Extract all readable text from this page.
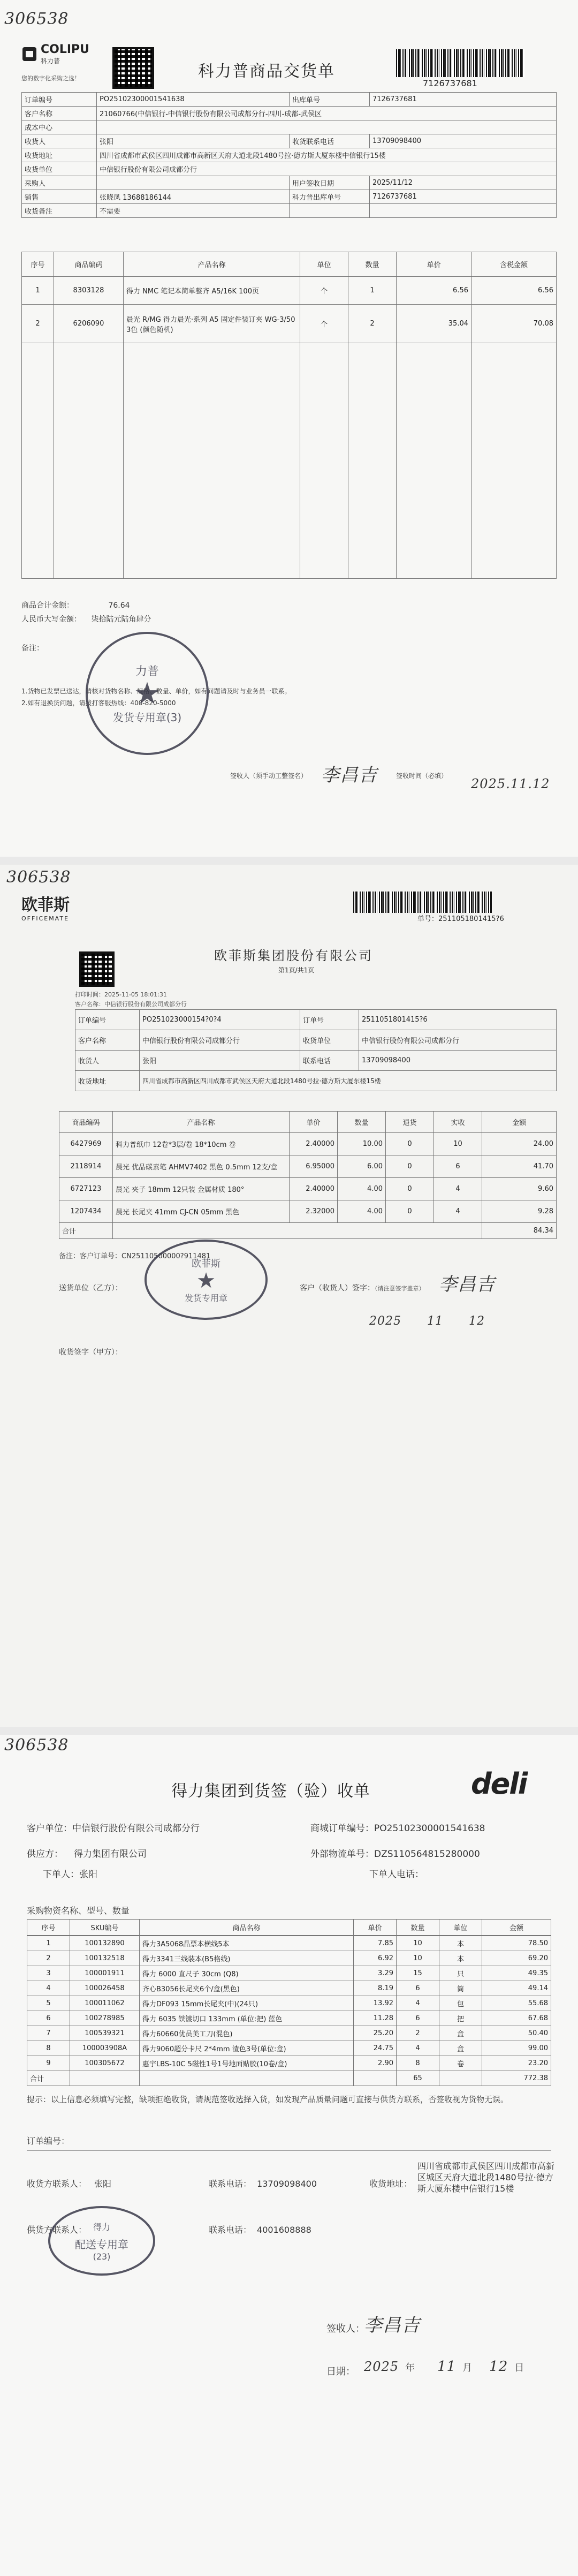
306538
COLIPU
科力普
您的数字化采购之选！	科力普商品交货单
7126737681
订单编号	PO25102300001541638	出库单号	7126737681
客户名称	21060766(中信银行-中信银行股份有限公司成都分行-四川-成都-武侯区		
成本中心			
收货人	张阳	收货联系电话	13709098400
收货地址	四川省成都市武侯区四川成都市高新区天府大道北段1480号拉·德方斯大厦东楼中信银行15楼		
收货单位	中信银行股份有限公司成都分行		
采购人		用户签收日期	2025/11/12
销售	张晓凤 13688186144	科力普出库单号	7126737681
收货备注	不需要		
序号	商品编码	产品名称	单位	数量	单价	含税金额
1	8303128	得力 NMC 笔记本简单整齐 A5/16K 100页	个	1	6.56	6.56
2	6206090	晨光 R/MG 得力晨光·系列 A5 固定件装订夹 WG-3/50 3色 (颜色随机)	个	2	35.04	70.08

商品合计金额：	76.64
人民币大写金额： 柒拾陆元陆角肆分
备注：
1.货物已发票已送达，请核对货物名称、规格、数量、单价，如有问题请及时与业务员一联系。
2.如有退换货问题，请拨打客服热线：400-820-5000
力普
★
发货专用章(3)
签收人（须手动工整签名） 李昌吉	签收时间（必填）
2025.11.12
306538
欧菲斯
OFFICEMATE	单号：2511051801415?6
欧菲斯集团股份有限公司
第1页/共1页
打印时间：2025-11-05 18:01:31
客户名称：中信银行股份有限公司成都分行
订单编号	PO251023000154?0?4	订单号	2511051801415?6
客户名称	中信银行股份有限公司成都分行	收货单位	中信银行股份有限公司成都分行
收货人	张阳	联系电话	13709098400
收货地址	四川省成都市高新区四川成都市武侯区天府大道北段1480号拉·德方斯大厦东楼15楼		
商品编码	产品名称	单价	数量	退货	实收	金额
6427969	科力普纸巾 12卷*3层/卷 18*10cm 卷	2.40000	10.00	0	10	24.00
2118914	晨光 优品碳素笔 AHMV7402 黑色 0.5mm 12支/盒	6.95000	6.00	0	6	41.70
6727123	晨光 夹子 18mm 12只装 金属材质 180°	2.40000	4.00	0	4	9.60
1207434	晨光 长尾夹 41mm CJ-CN 05mm 黑色	2.32000	4.00	0	4	9.28
合计						84.34
备注：客户订单号：CN25110500000?911481
欧菲斯
★
发货专用章
送货单位（乙方）：	客户（收货人）签字：（请注意签字盖章） 李昌吉
2025 11 12
收货签字（甲方）：
306538
得力集团到货签（验）收单	deli
客户单位：中信银行股份有限公司成都分行	商城订单编号：PO25102300001541638
供应方： 得力集团有限公司	外部物流单号：DZS110564815280000
下单人：张阳	下单人电话：
采购物资名称、型号、数量
序号	SKU编号	商品名称	单价	数量	单位	金额
1	100132890	得力3A5068晶票本横线5本	7.85	10	本	78.50
2	100132518	得力3341三线装本(B5格线)	6.92	10	本	69.20
3	100001911	得力 6000 直尺子 30cm (Q8)	3.29	15	只	49.35
4	100026458	齐心B3056长尾夹6个/盒(黑色)	8.19	6	筒	49.14
5	100011062	得力DF093 15mm长尾夹(中)(24只)	13.92	4	包	55.68
6	100278985	得力 6035 铁镀切口 133mm (单位:把) 蓝色	11.28	6	把	67.68
7	100539321	得力60660优员美工刀(混色)	25.20	2	盒	50.40
8	100003908A	得力9060超分卡尺 2*4mm 渣色3号(单位:盒)	24.75	4	盒	99.00
9	100305672	惠宇LBS-10C 5磁性1号1号地面贴胶(10卷/盒)	2.90	8	卷	23.20
合计				65		772.38
提示：以上信息必须填写完整，缺项拒绝收货，请规范签收选择入货，如发现产品质量问题可直接与供货方联系，否签收视为货物无误。
订单编号：
收货方联系人： 张阳	联系电话： 13709098400	收货地址：
四川省成都市武侯区四川成都市高新区城区天府大道北段1480号拉·德方斯大厦东楼中信银行15楼
供货方联系人：	联系电话： 4001608888
得力
配送专用章
(23)
签收人：
李昌吉
日期： 2025 年 11 月 12 日
